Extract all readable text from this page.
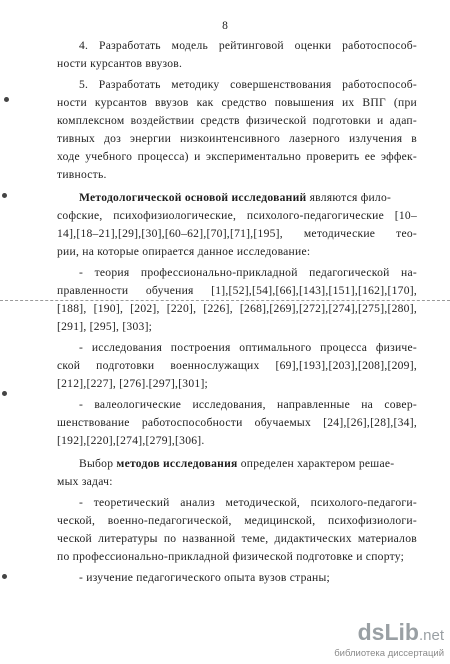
8
4. Разработать модель рейтинговой оценки работоспособ-
ности курсантов ввузов.
5. Разработать методику совершенствования работоспособ-
ности курсантов ввузов как средство повышения их ВПГ (при
комплексном воздействии средств физической подготовки и адап-
тивных доз энергии низкоинтенсивного лазерного излучения в
ходе учебного процесса) и экспериментально проверить ее эффек-
тивность.
Методологической основой исследований являются фило-
софские, психофизиологические, психолого-педагогические [10–
14],[18–21],[29],[30],[60–62],[70],[71],[195], методические тео-
рии, на которые опирается данное исследование:
- теория профессионально-прикладной педагогической на-
правленности обучения [1],[52],[54],[66],[143],[151],[162],[170],
[188], [190], [202], [220], [226], [268],[269],[272],[274],[275],[280],
[291], [295], [303];
- исследования построения оптимального процесса физиче-
ской подготовки военнослужащих [69],[193],[203],[208],[209],
[212],[227], [276].[297],[301];
- валеологические исследования, направленные на совер-
шенствование работоспособности обучаемых [24],[26],[28],[34],
[192],[220],[274],[279],[306].
Выбор методов исследования определен характером решае-
мых задач:
- теоретический анализ методической, психолого-педагоги-
ческой, военно-педагогической, медицинской, психофизиологи-
ческой литературы по названной теме, дидактических материалов
по профессионально-прикладной физической подготовке и спорту;
- изучение педагогического опыта вузов страны;
dsLib.net
библиотека диссертаций
